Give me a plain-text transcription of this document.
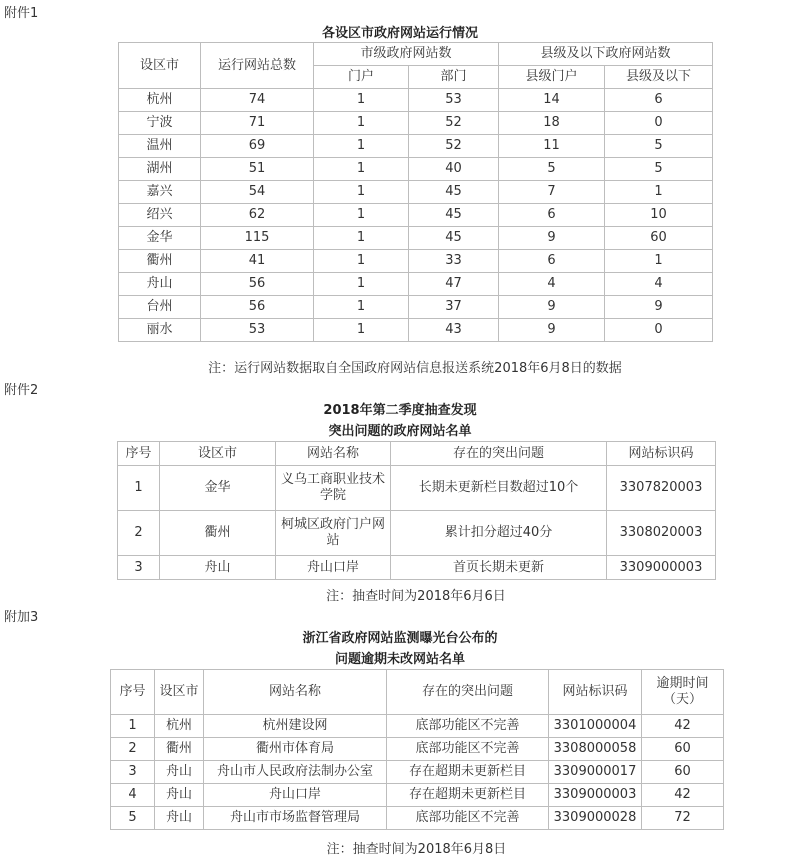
附件1
各设区市政府网站运行情况
设区市	运行网站总数	市级政府网站数		县级及以下政府网站数	
		门户	部门	县级门户	县级及以下
杭州	74	1	53	14	6
宁波	71	1	52	18	0
温州	69	1	52	11	5
湖州	51	1	40	5	5
嘉兴	54	1	45	7	1
绍兴	62	1	45	6	10
金华	115	1	45	9	60
衢州	41	1	33	6	1
舟山	56	1	47	4	4
台州	56	1	37	9	9
丽水	53	1	43	9	0
注：运行网站数据取自全国政府网站信息报送系统2018年6月8日的数据
附件2
2018年第二季度抽查发现
突出问题的政府网站名单
序号	设区市	网站名称	存在的突出问题	网站标识码
1	金华	义乌工商职业技术学院	长期未更新栏目数超过10个	3307820003
2	衢州	柯城区政府门户网站	累计扣分超过40分	3308020003
3	舟山	舟山口岸	首页长期未更新	3309000003
注：抽查时间为2018年6月6日
附加3
浙江省政府网站监测曝光台公布的
问题逾期未改网站名单
序号	设区市	网站名称	存在的突出问题	网站标识码	逾期时间（天）
1	杭州	杭州建设网	底部功能区不完善	3301000004	42
2	衢州	衢州市体育局	底部功能区不完善	3308000058	60
3	舟山	舟山市人民政府法制办公室	存在超期未更新栏目	3309000017	60
4	舟山	舟山口岸	存在超期未更新栏目	3309000003	42
5	舟山	舟山市市场监督管理局	底部功能区不完善	3309000028	72
注：抽查时间为2018年6月8日
